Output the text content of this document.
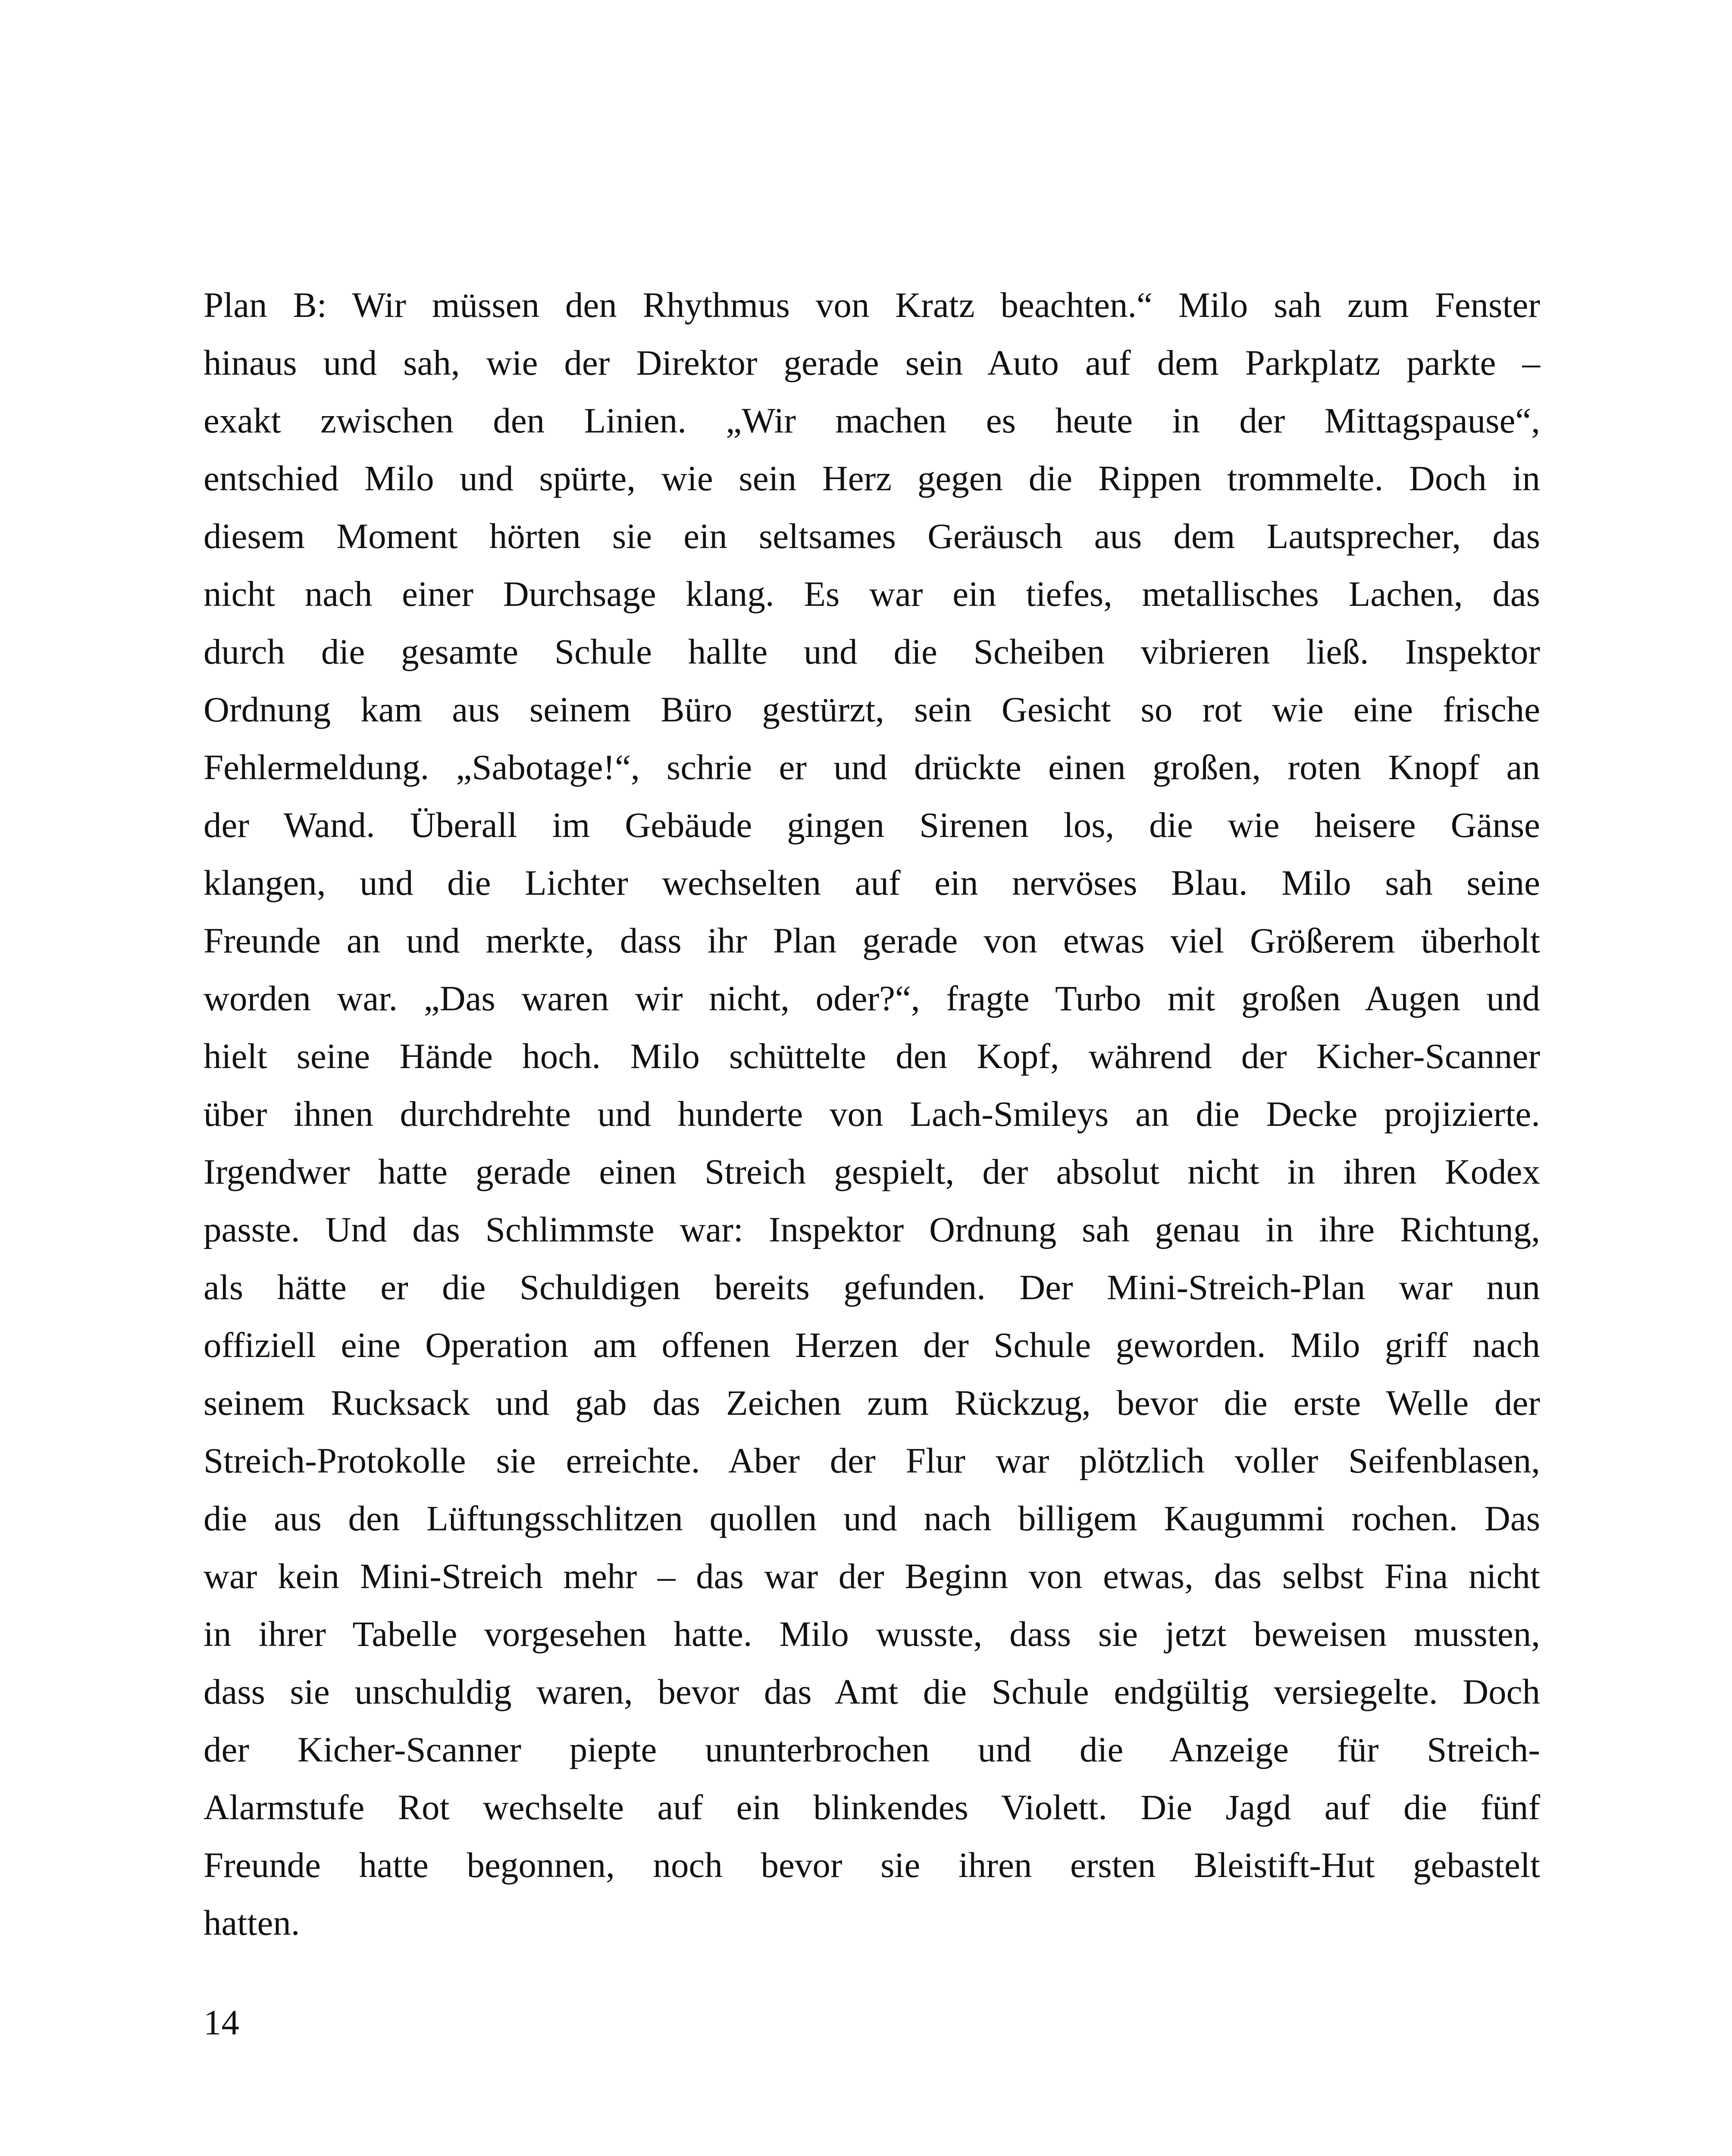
Plan B: Wir müssen den Rhythmus von Kratz beachten.“ Milo sah zum Fenster
hinaus und sah, wie der Direktor gerade sein Auto auf dem Parkplatz parkte –
exakt zwischen den Linien. „Wir machen es heute in der Mittagspause“,
entschied Milo und spürte, wie sein Herz gegen die Rippen trommelte. Doch in
diesem Moment hörten sie ein seltsames Geräusch aus dem Lautsprecher, das
nicht nach einer Durchsage klang. Es war ein tiefes, metallisches Lachen, das
durch die gesamte Schule hallte und die Scheiben vibrieren ließ. Inspektor
Ordnung kam aus seinem Büro gestürzt, sein Gesicht so rot wie eine frische
Fehlermeldung. „Sabotage!“, schrie er und drückte einen großen, roten Knopf an
der Wand. Überall im Gebäude gingen Sirenen los, die wie heisere Gänse
klangen, und die Lichter wechselten auf ein nervöses Blau. Milo sah seine
Freunde an und merkte, dass ihr Plan gerade von etwas viel Größerem überholt
worden war. „Das waren wir nicht, oder?“, fragte Turbo mit großen Augen und
hielt seine Hände hoch. Milo schüttelte den Kopf, während der Kicher-Scanner
über ihnen durchdrehte und hunderte von Lach-Smileys an die Decke projizierte.
Irgendwer hatte gerade einen Streich gespielt, der absolut nicht in ihren Kodex
passte. Und das Schlimmste war: Inspektor Ordnung sah genau in ihre Richtung,
als hätte er die Schuldigen bereits gefunden. Der Mini-Streich-Plan war nun
offiziell eine Operation am offenen Herzen der Schule geworden. Milo griff nach
seinem Rucksack und gab das Zeichen zum Rückzug, bevor die erste Welle der
Streich-Protokolle sie erreichte. Aber der Flur war plötzlich voller Seifenblasen,
die aus den Lüftungsschlitzen quollen und nach billigem Kaugummi rochen. Das
war kein Mini-Streich mehr – das war der Beginn von etwas, das selbst Fina nicht
in ihrer Tabelle vorgesehen hatte. Milo wusste, dass sie jetzt beweisen mussten,
dass sie unschuldig waren, bevor das Amt die Schule endgültig versiegelte. Doch
der Kicher-Scanner piepte ununterbrochen und die Anzeige für Streich-
Alarmstufe Rot wechselte auf ein blinkendes Violett. Die Jagd auf die fünf
Freunde hatte begonnen, noch bevor sie ihren ersten Bleistift-Hut gebastelt
hatten.
14
